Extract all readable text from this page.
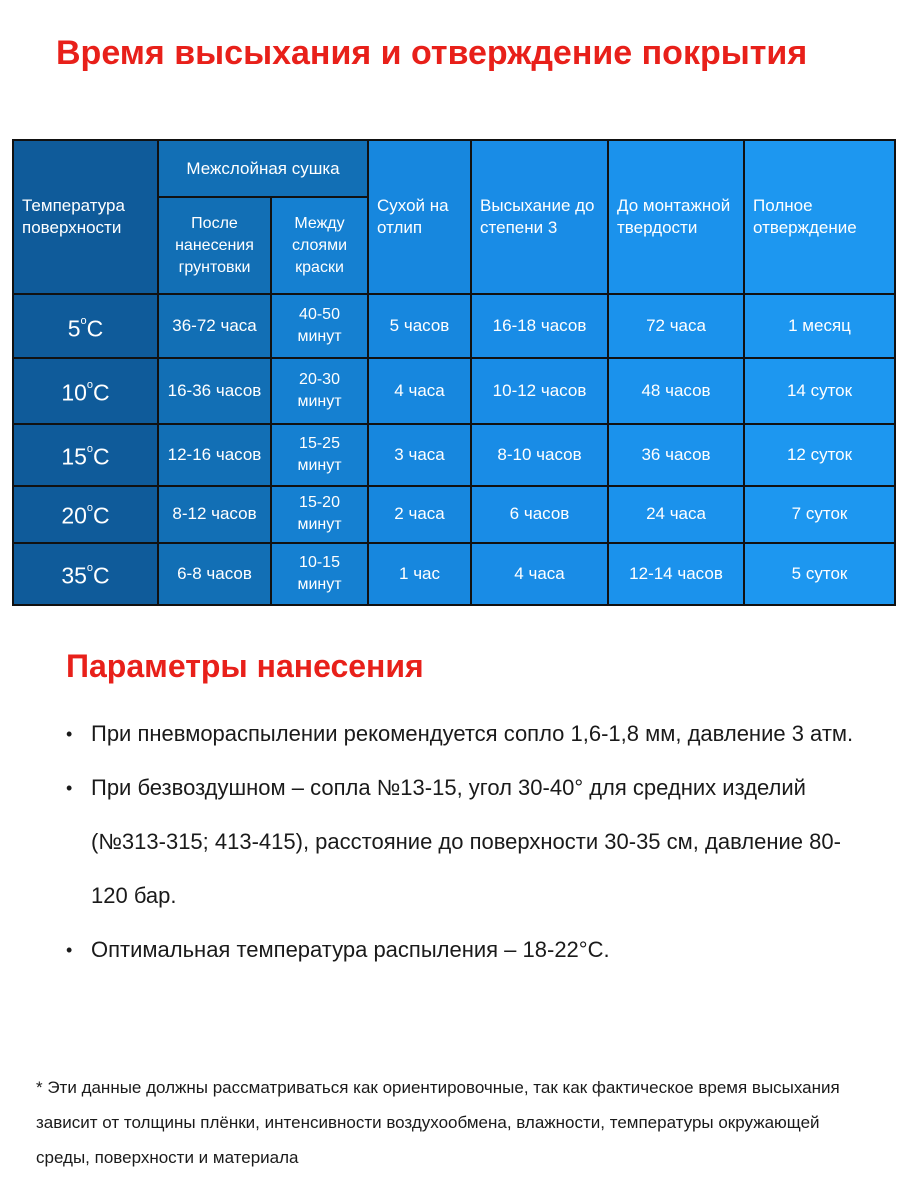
Время высыхания и отверждение покрытия
Температура поверхности	Межслойная сушка		Сухой на отлип	Высыхание до степени 3	До монтажной твердости	Полное отверждение
	После нанесения грунтовки	Между слоями краски				
5$^o$C	36-72 часа	40-50 минут	5 часов	16-18 часов	72 часа	1 месяц
10$^o$C	16-36 часов	20-30 минут	4 часа	10-12 часов	48 часов	14 суток
15$^o$C	12-16 часов	15-25 минут	3 часа	8-10 часов	36 часов	12 суток
20$^o$C	8-12 часов	15-20 минут	2 часа	6 часов	24 часа	7 суток
35$^o$C	6-8 часов	10-15 минут	1 час	4 часа	12-14 часов	5 суток
Параметры нанесения
• При пневмораспылении рекомендуется сопло 1,6-1,8 мм, давление 3 атм.
• При безвоздушном – сопла №13-15, угол 30-40° для средних изделий (№313-315; 413-415), расстояние до поверхности 30-35 см, давление 80-120 бар.
• Оптимальная температура распыления – 18-22°С.

* Эти данные должны рассматриваться как ориентировочные, так как фактическое время высыхания зависит от толщины плёнки, интенсивности воздухообмена, влажности, температуры окружающей среды, поверхности и материала
